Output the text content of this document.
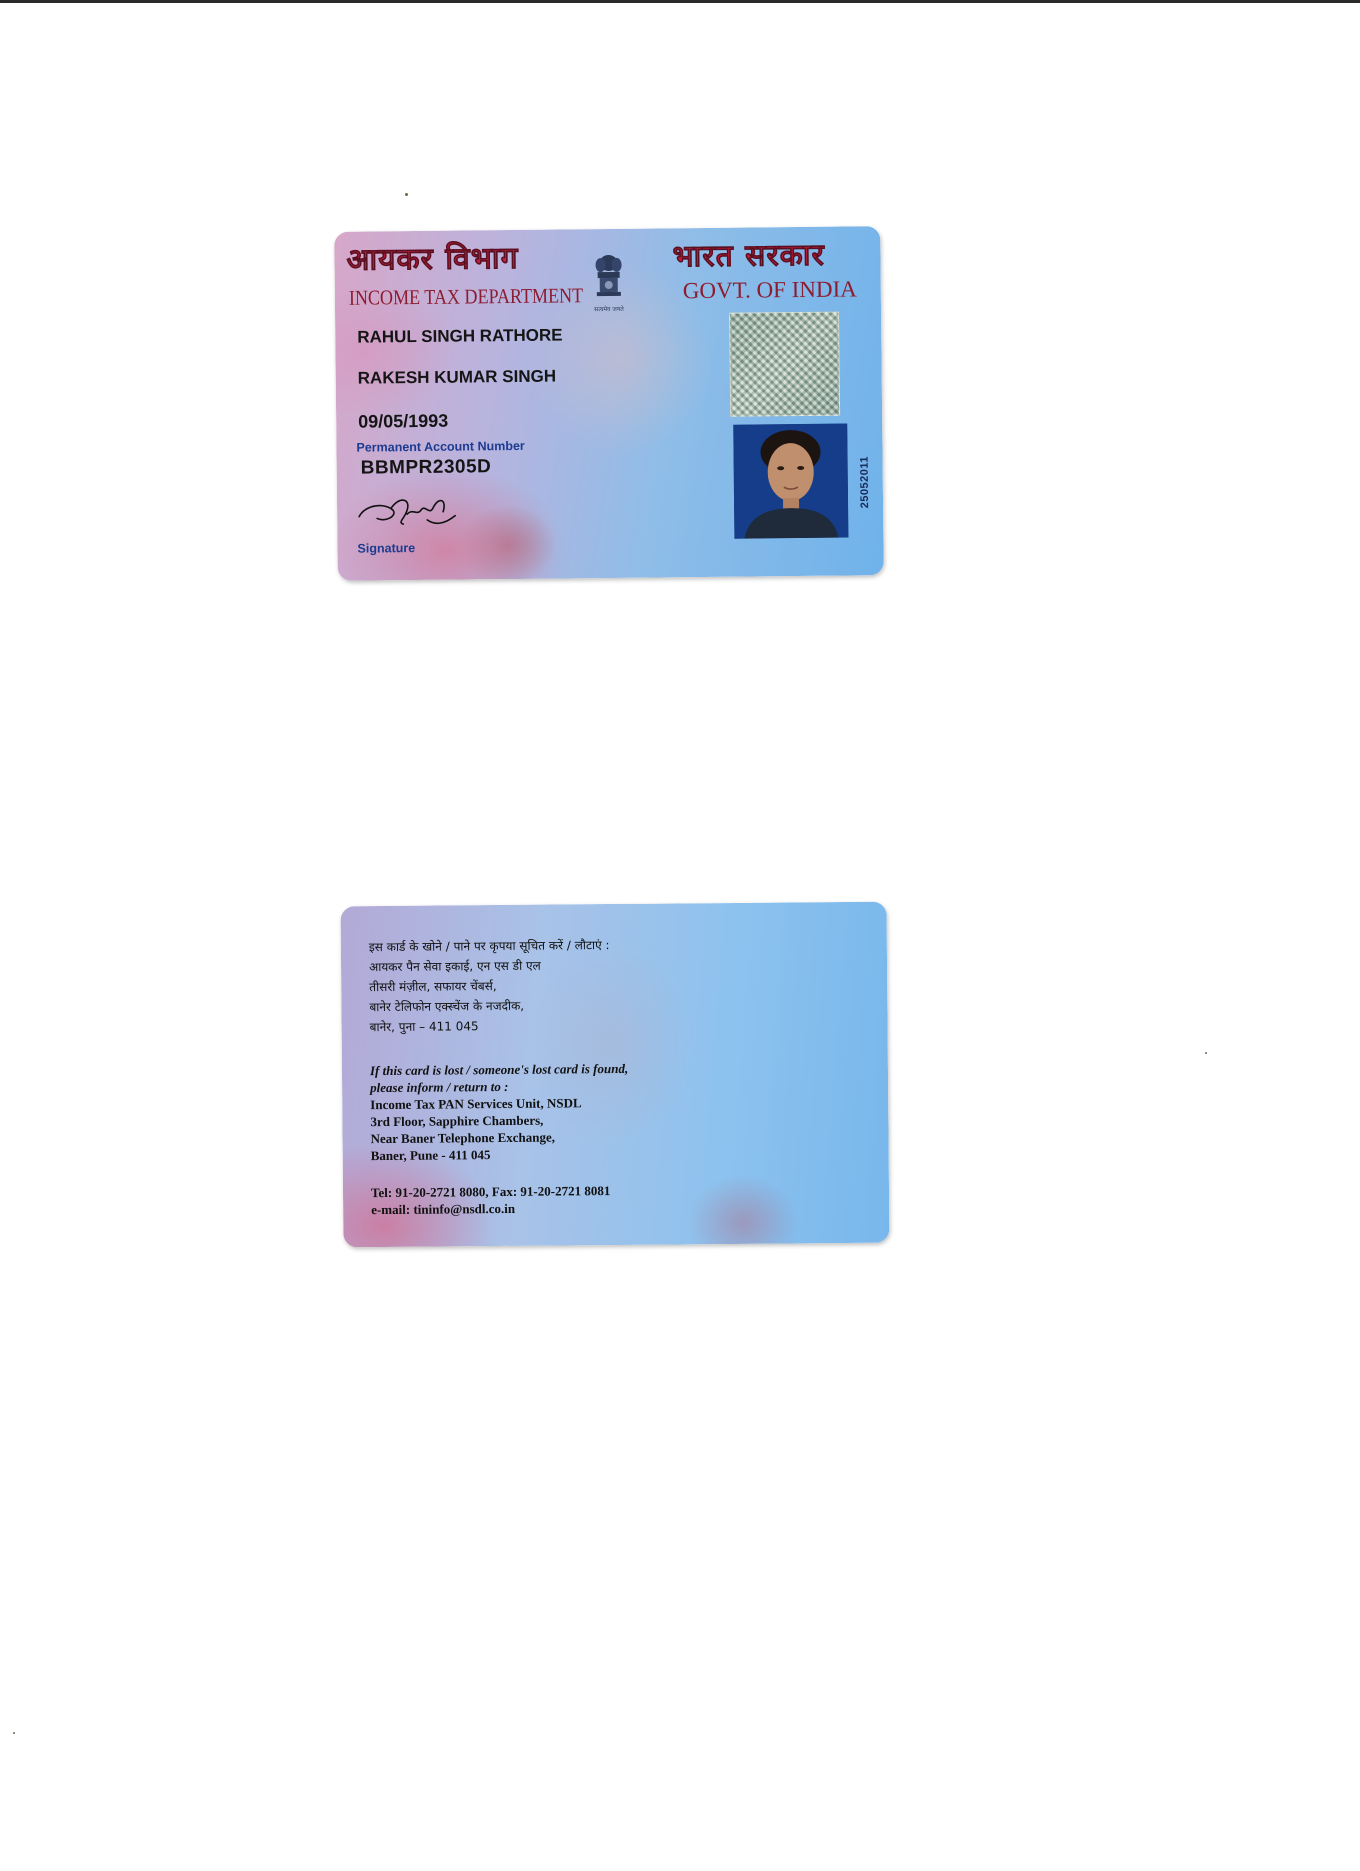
आयकर विभाग
INCOME TAX DEPARTMENT सत्यमेव जयते
भारत सरकार
GOVT. OF INDIA
RAHUL SINGH RATHORE
RAKESH KUMAR SINGH
09/05/1993
Permanent Account Number
BBMPR2305D
Signature
25052011
इस कार्ड के खोने / पाने पर कृपया सूचित करें / लौटाएं :
आयकर पैन सेवा इकाई, एन एस डी एल
तीसरी मंज़ील, सफायर चेंबर्स,
बानेर टेलिफोन एक्स्चेंज के नजदीक,
बानेर, पुना – 411 045
If this card is lost / someone's lost card is found,
please inform / return to :
Income Tax PAN Services Unit, NSDL
3rd Floor, Sapphire Chambers,
Near Baner Telephone Exchange,
Baner, Pune - 411 045
Tel: 91-20-2721 8080, Fax: 91-20-2721 8081
e-mail: tininfo@nsdl.co.in
